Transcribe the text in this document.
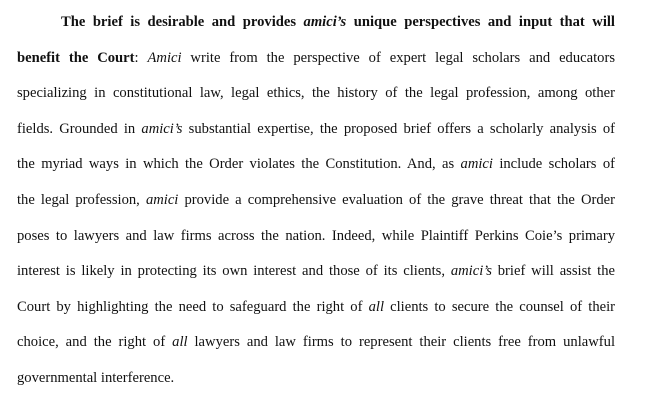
The brief is desirable and provides amici’s unique perspectives and input that will
benefit the Court: Amici write from the perspective of expert legal scholars and educators
specializing in constitutional law, legal ethics, the history of the legal profession, among other
fields. Grounded in amici’s substantial expertise, the proposed brief offers a scholarly analysis of
the myriad ways in which the Order violates the Constitution. And, as amici include scholars of
the legal profession, amici provide a comprehensive evaluation of the grave threat that the Order
poses to lawyers and law firms across the nation. Indeed, while Plaintiff Perkins Coie’s primary
interest is likely in protecting its own interest and those of its clients, amici’s brief will assist the
Court by highlighting the need to safeguard the right of all clients to secure the counsel of their
choice, and the right of all lawyers and law firms to represent their clients free from unlawful
governmental interference.
